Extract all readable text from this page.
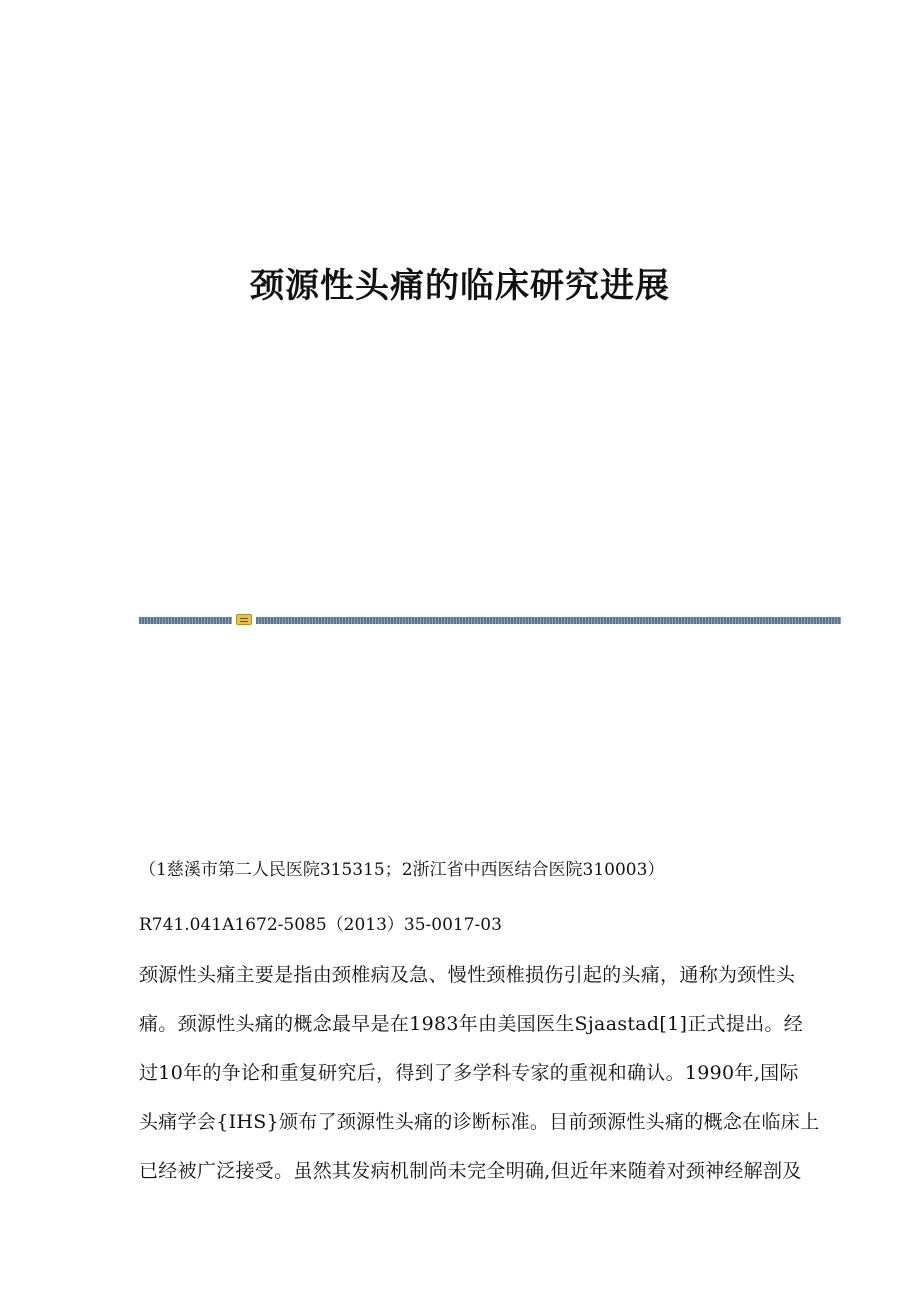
颈源性头痛的临床研究进展

（1慈溪市第二人民医院315315；2浙江省中西医结合医院310003）

R741.041A1672-5085（2013）35-0017-03

颈源性头痛主要是指由颈椎病及急、慢性颈椎损伤引起的头痛，通称为颈性头
痛。颈源性头痛的概念最早是在1983年由美国医生Sjaastad[1]正式提出。经
过10年的争论和重复研究后，得到了多学科专家的重视和确认。1990年,国际
头痛学会{IHS}颁布了颈源性头痛的诊断标准。目前颈源性头痛的概念在临床上
已经被广泛接受。虽然其发病机制尚未完全明确,但近年来随着对颈神经解剖及
